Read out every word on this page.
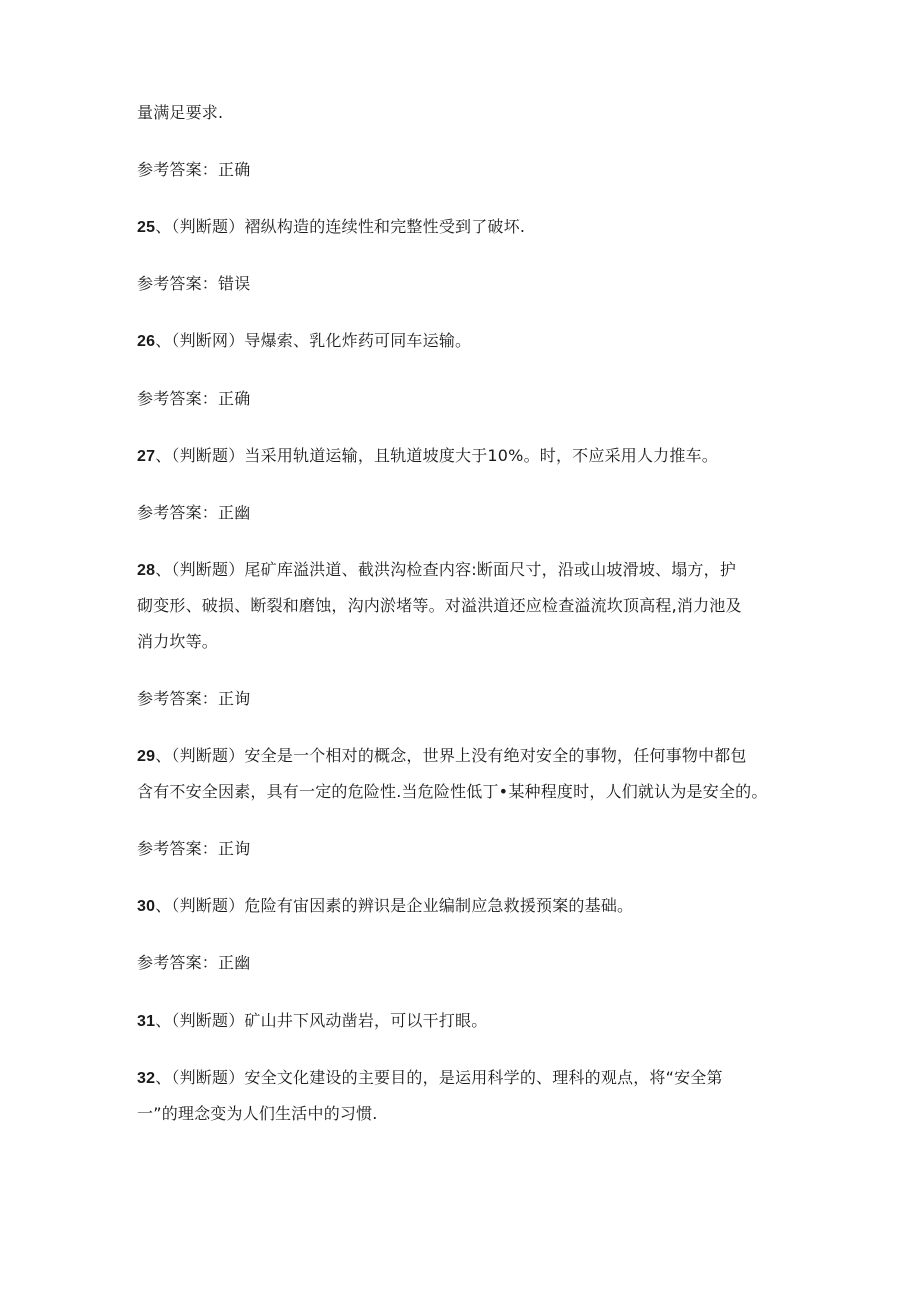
量满足要求.
参考答案：正确
25、（判断题）褶纵构造的连续性和完整性受到了破坏.
参考答案：错误
26、（判断网）导爆索、乳化炸药可同车运输。
参考答案：正确
27、（判断题）当采用轨道运输，且轨道坡度大于10%。时，不应采用人力推车。
参考答案：正幽
28、（判断题）尾矿库溢洪道、截洪沟检查内容:断面尺寸，沿或山坡滑坡、塌方，护
砌变形、破损、断裂和磨蚀，沟内淤堵等。对溢洪道还应检查溢流坎顶高程,消力池及
消力坎等。
参考答案：正询
29、（判断题）安全是一个相对的概念，世界上没有绝对安全的事物，任何事物中都包
含有不安全因素，具有一定的危险性.当危险性低丁•某种程度时，人们就认为是安全的。
参考答案：正询
30、（判断题）危险有宙因素的辨识是企业编制应急救援预案的基础。
参考答案：正幽
31、（判断题）矿山井下风动凿岩，可以干打眼。
32、（判断题）安全文化建设的主要目的，是运用科学的、理科的观点，将“安全第
一”的理念变为人们生活中的习惯.
